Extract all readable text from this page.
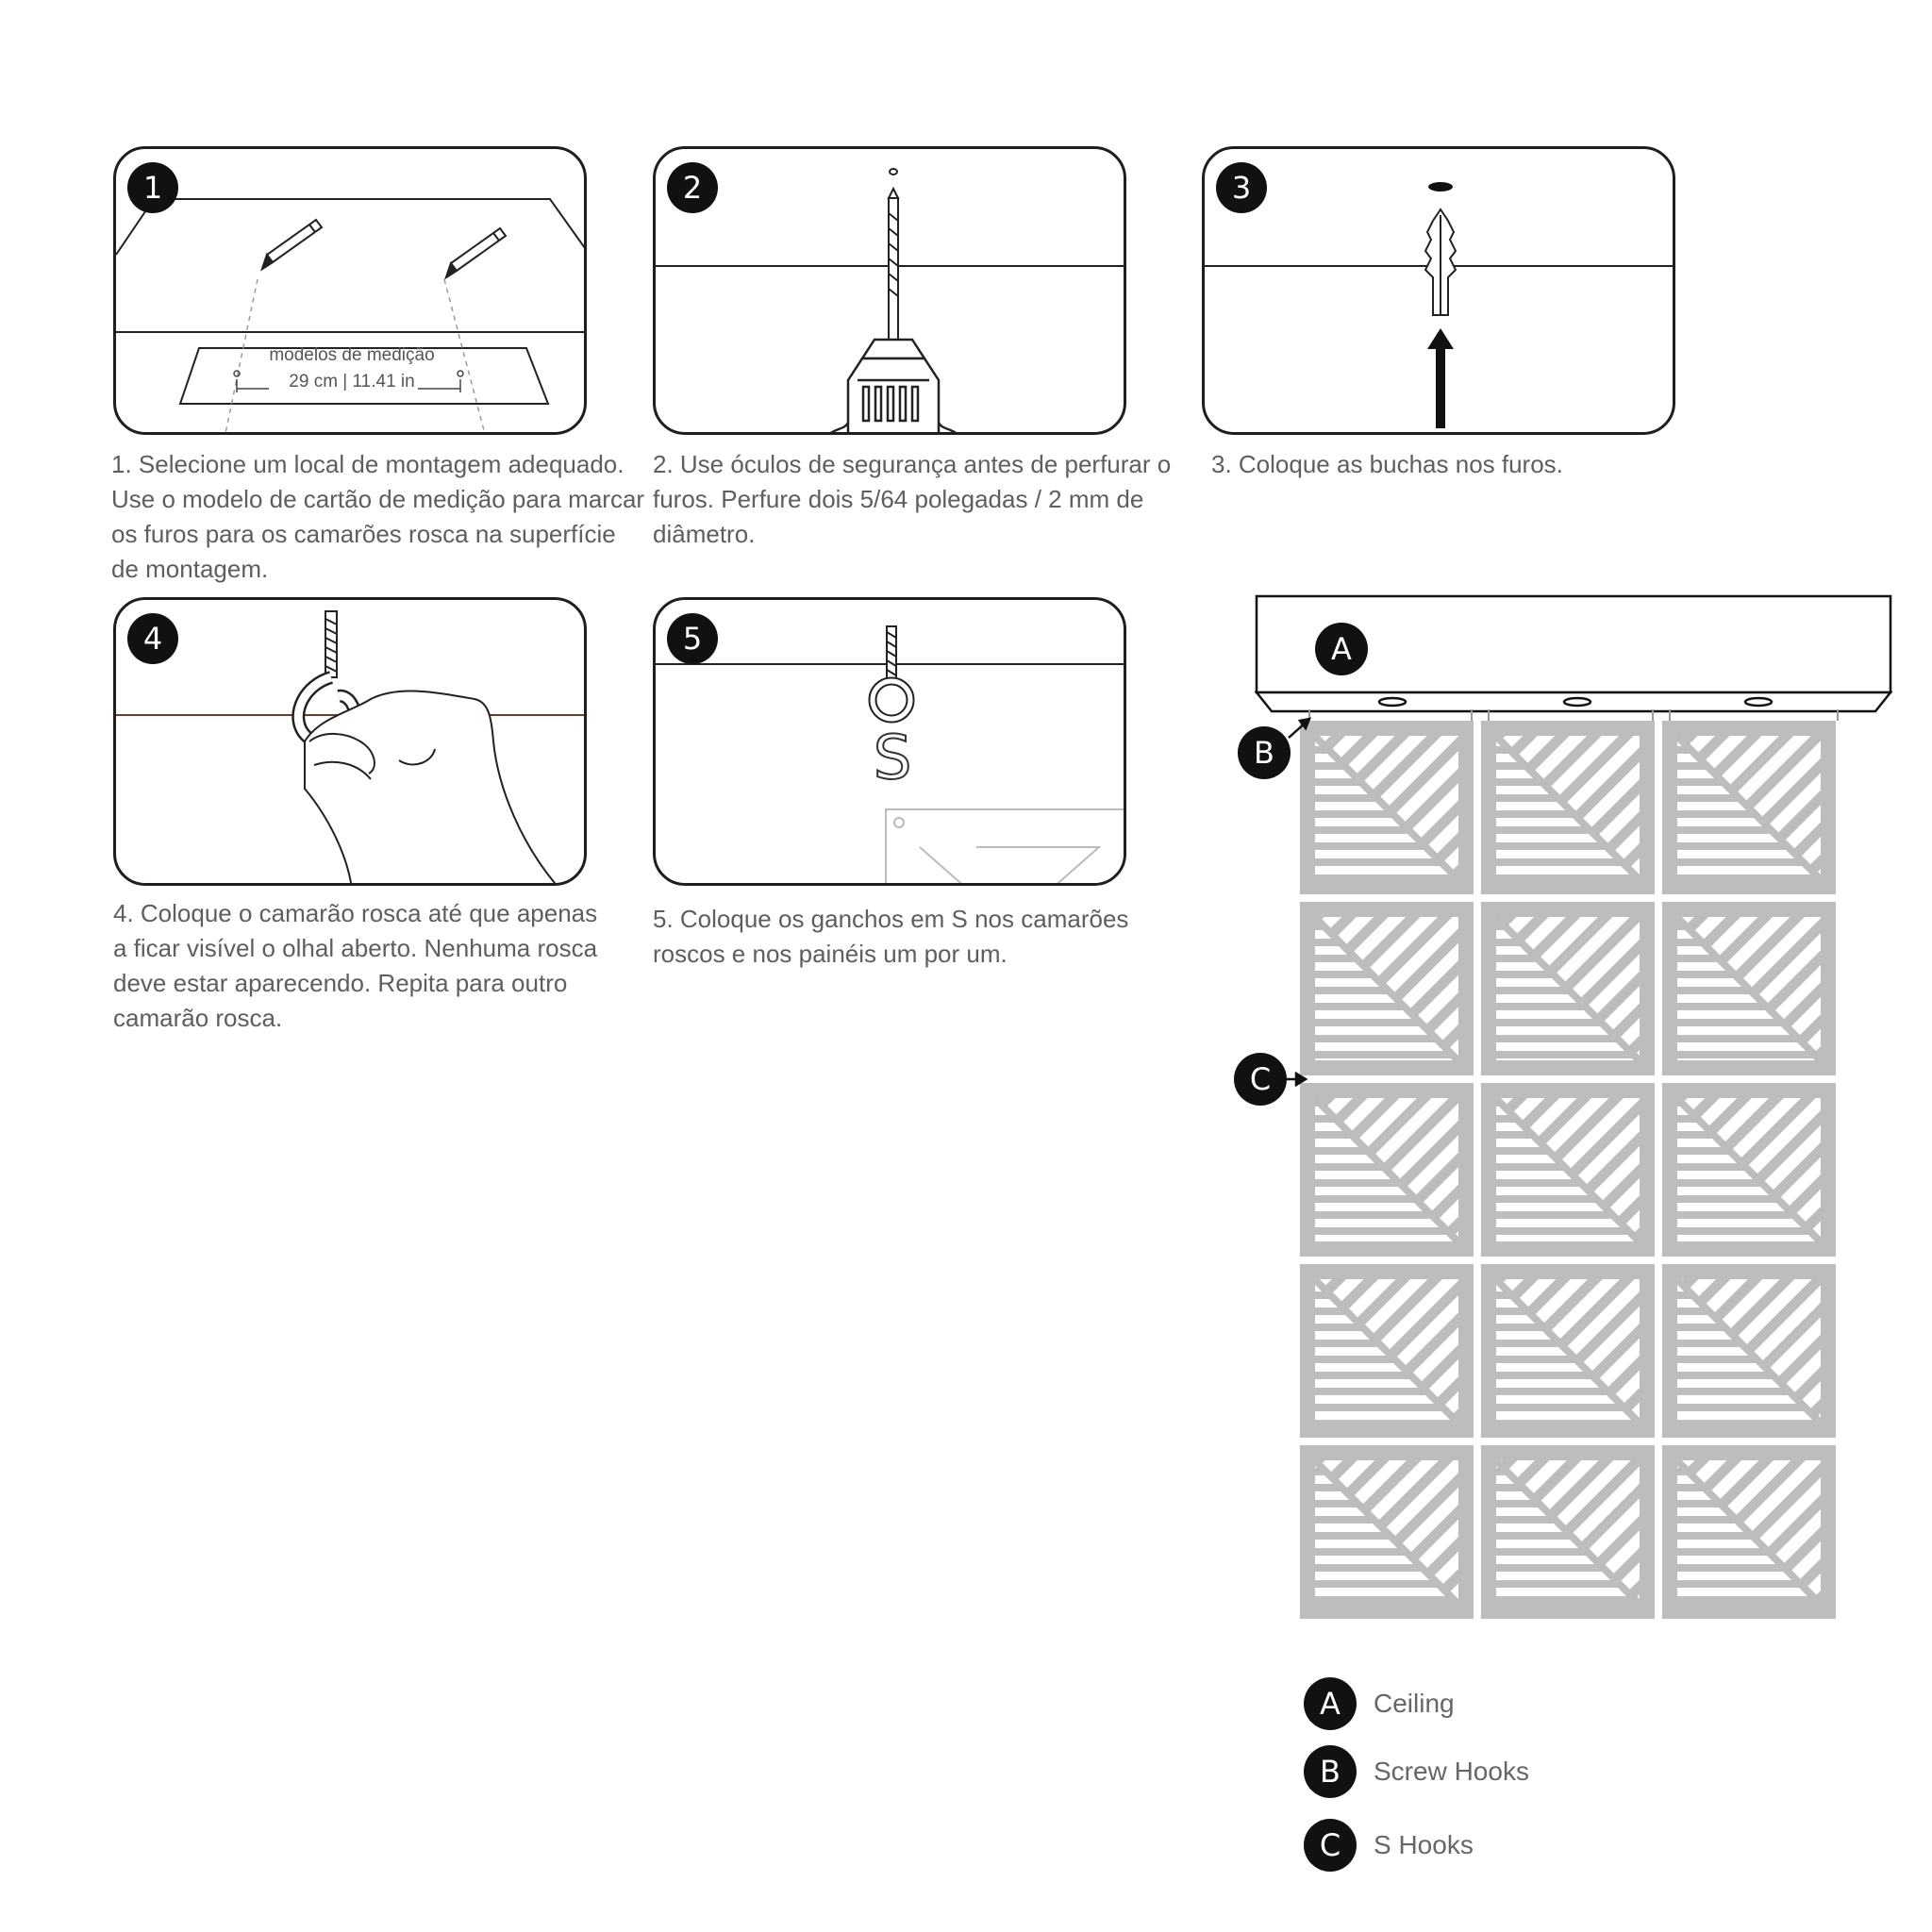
modelos de medição
29 cm | 11.41 in
1	2	3
4
S
5

1. Selecione um local de montagem adequado. Use o modelo de cartão de medição para marcar os furos para os camarões rosca na superfície de montagem.

2. Use óculos de segurança antes de perfurar o furos. Perfure dois 5/64 polegadas / 2 mm de diâmetro.

3. Coloque as buchas nos furos.

4. Coloque o camarão rosca até que apenas a ficar visível o olhal aberto. Nenhuma rosca deve estar aparecendo. Repita para outro camarão rosca.

5. Coloque os ganchos em S nos camarões roscos e nos painéis um por um.

A
B
C
A	Ceiling
B	Screw Hooks
C	S Hooks
